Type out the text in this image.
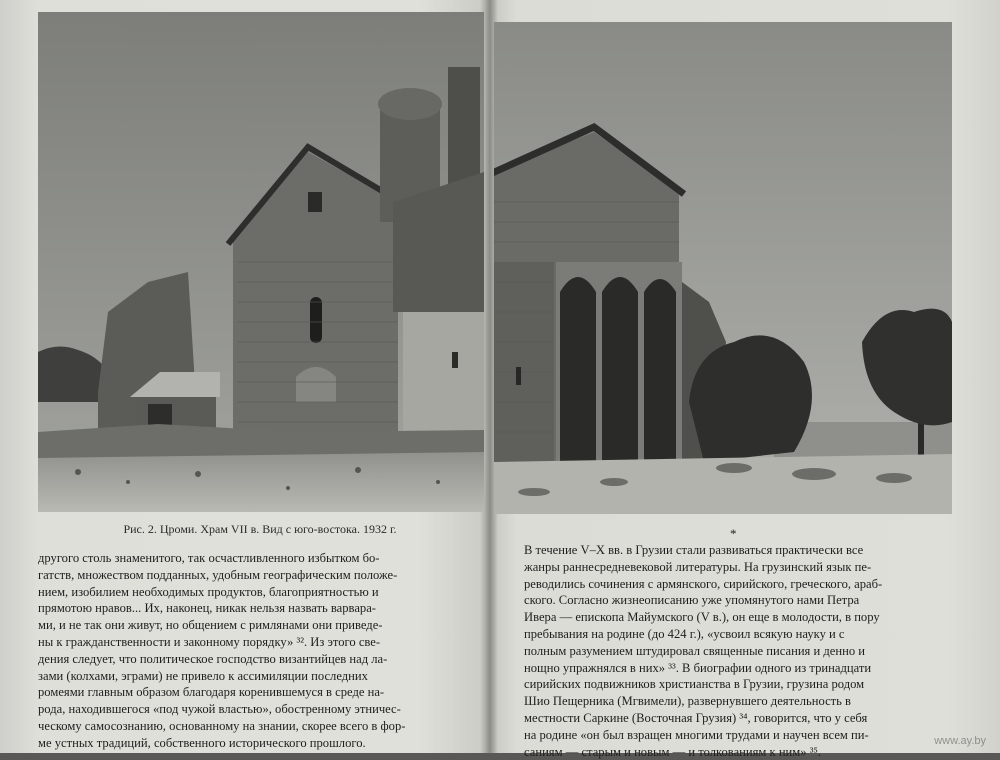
Рис. 2. Цроми. Храм VII в. Вид с юго-востока. 1932 г.	*
другого столь знаменитого, так осчастливленного избытком бо-
гатств, множеством подданных, удобным географическим положе-
нием, изобилием необходимых продуктов, благоприятностью и
прямотою нравов... Их, наконец, никак нельзя назвать варвара-
ми, и не так они живут, но общением с римлянами они приведе-
ны к гражданственности и законному порядку» ³². Из этого све-
дения следует, что политическое господство византийцев над ла-
зами (колхами, эграми) не привело к ассимиляции последних
ромеями главным образом благодаря коренившемуся в среде на-
рода, находившегося «под чужой властью», обостренному этничес-
ческому самосознанию, основанному на знании, скорее всего в фор-
ме устных традиций, собственного исторического прошлого.
В течение V–X вв. в Грузии стали развиваться практически все
жанры раннесредневековой литературы. На грузинский язык пе-
реводились сочинения с армянского, сирийского, греческого, араб-
ского. Согласно жизнеописанию уже упомянутого нами Петра
Ивера — епископа Майумского (V в.), он еще в молодости, в пору
пребывания на родине (до 424 г.), «усвоил всякую науку и с
полным разумением штудировал священные писания и денно и
нощно упражнялся в них» ³³. В биографии одного из тринадцати
сирийских подвижников христианства в Грузии, грузина родом
Шио Пещерника (Мгвимели), развернувшего деятельность в
местности Саркине (Восточная Грузия) ³⁴, говорится, что у себя
на родине «он был взращен многими трудами и научен всем пи-
саниям — старым и новым — и толкованиям к ним» ³⁵.
www.ay.by
